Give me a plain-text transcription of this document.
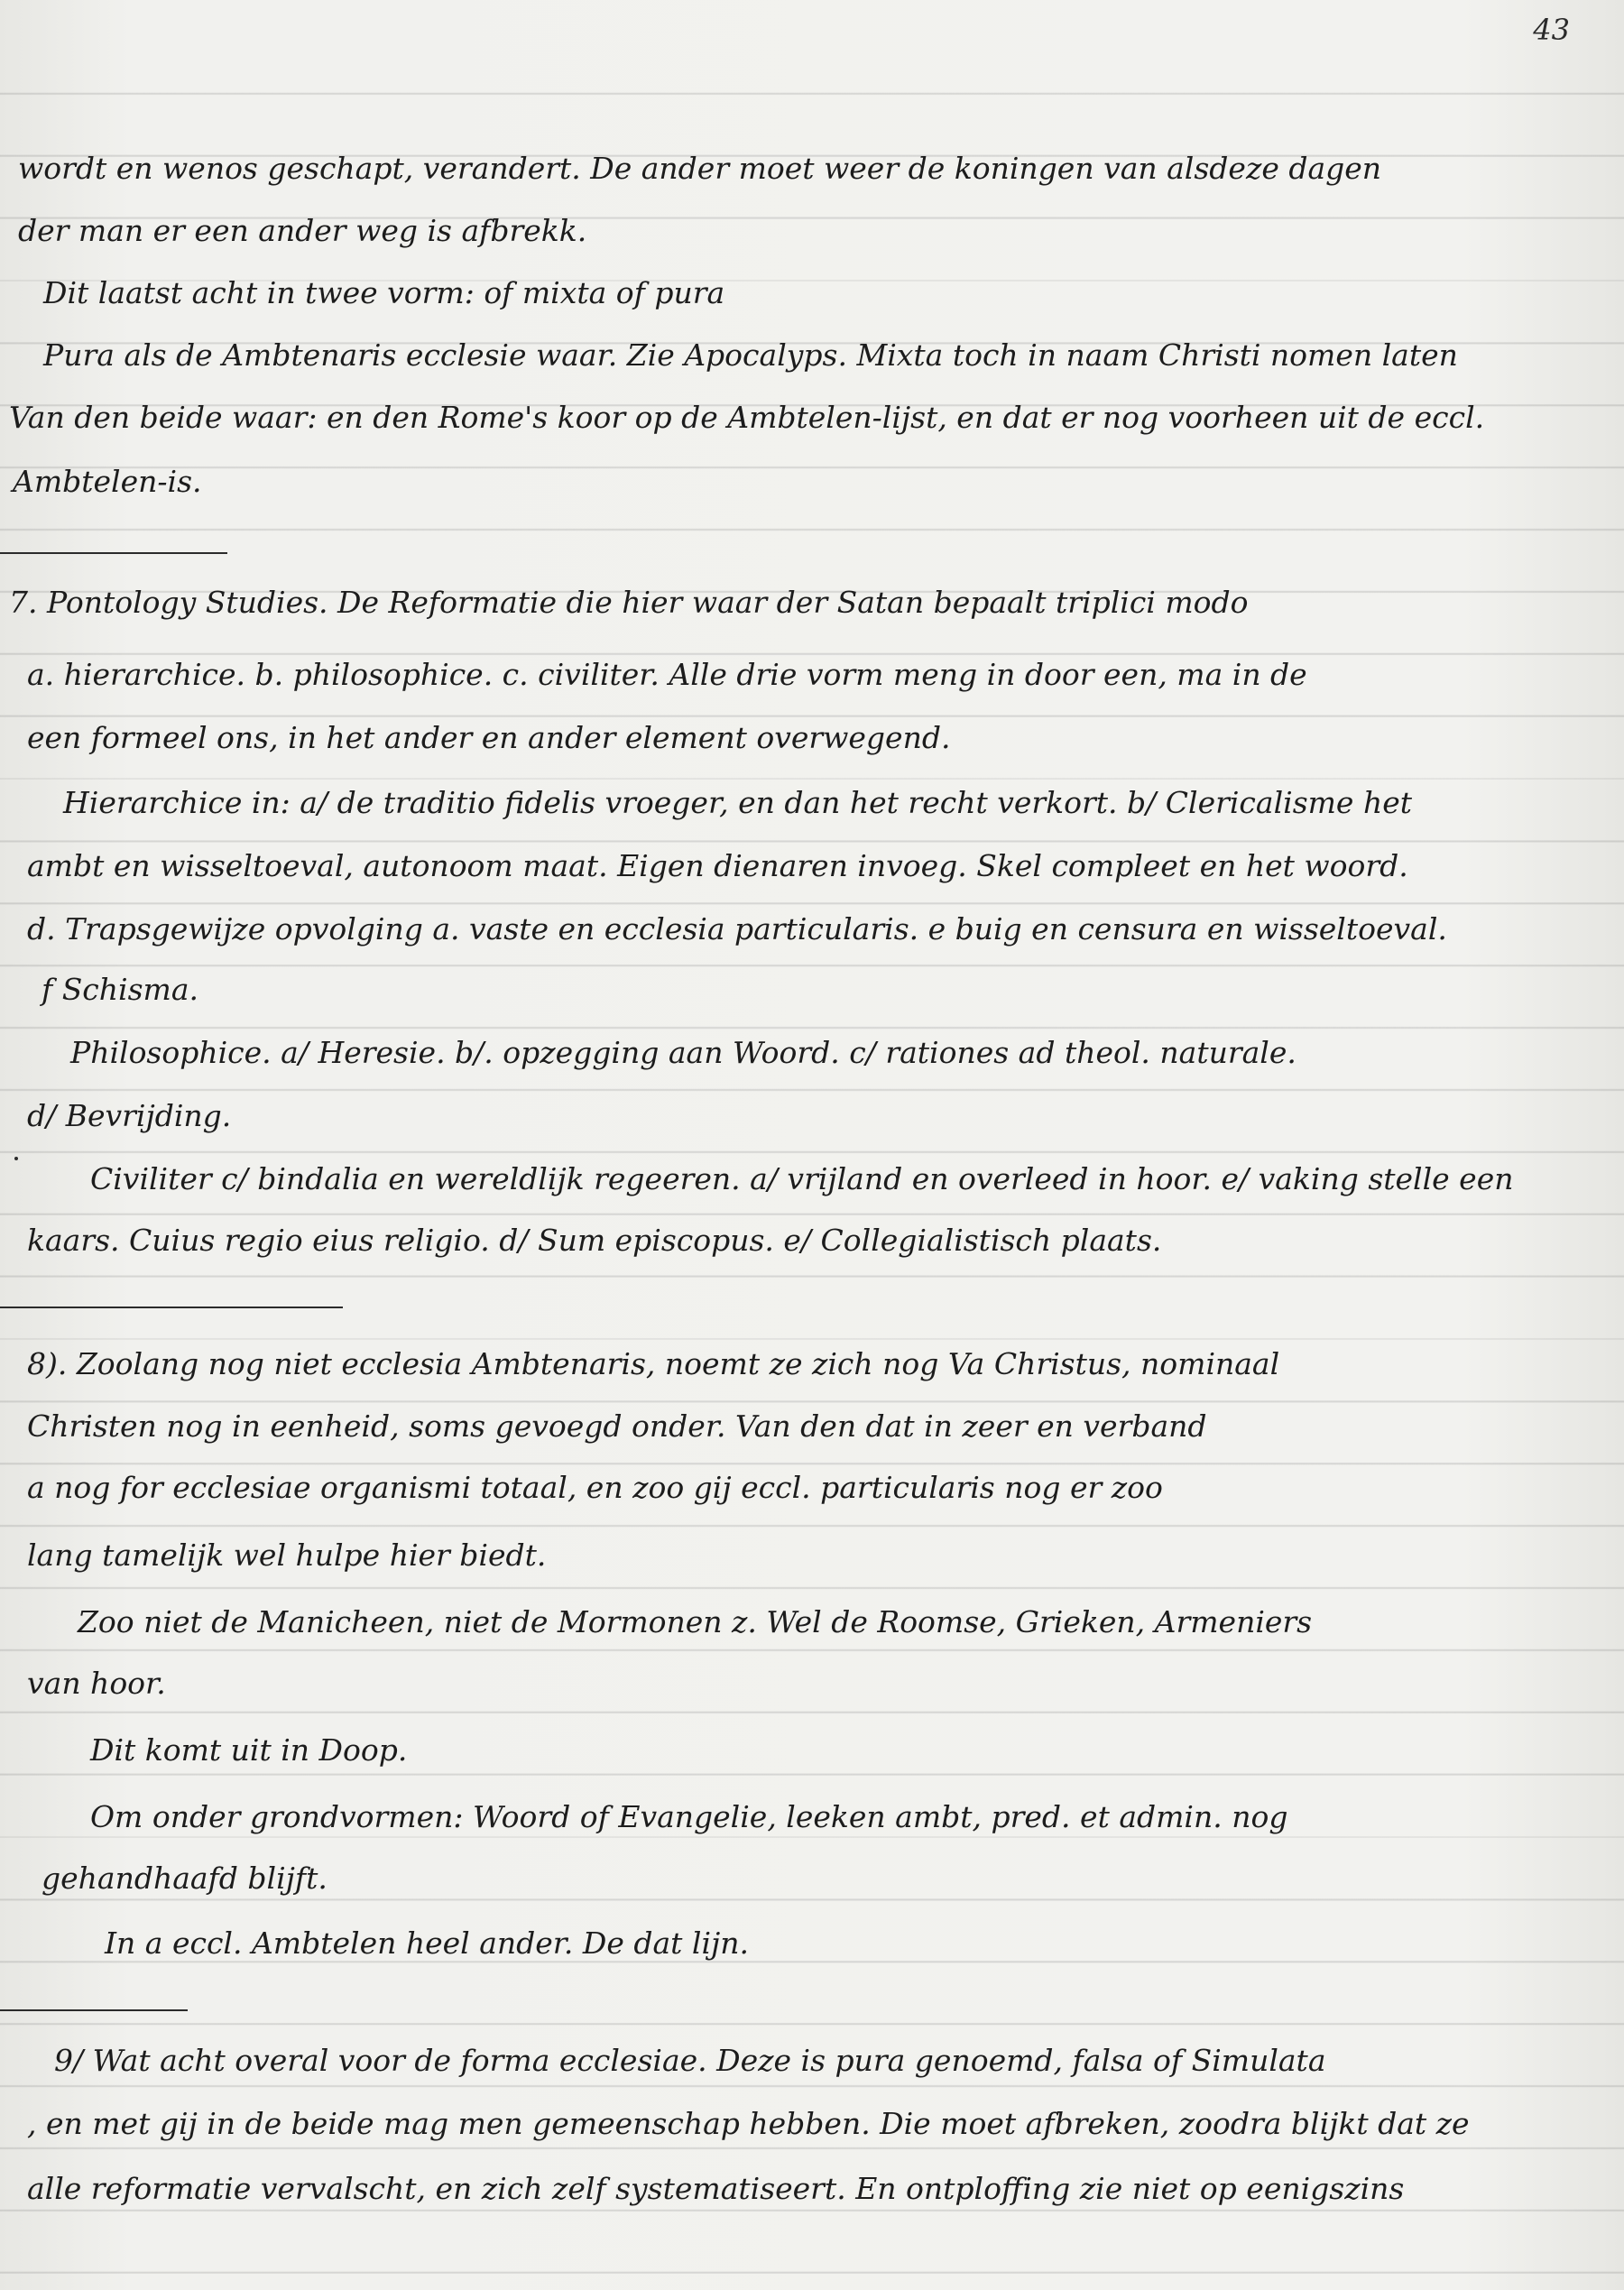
43
wordt en wenos geschapt, verandert. De ander moet weer de koningen van alsdeze dagen
der man er een ander weg is afbrekk.
Dit laatst acht in twee vorm: of mixta of pura
Pura als de Ambtenaris ecclesie waar. Zie Apocalyps. Mixta toch in naam Christi nomen laten
Van den beide waar: en den Rome's koor op de Ambtelen-lijst, en dat er nog voorheen uit de eccl.
Ambtelen-is.
7. Pontology Studies. De Reformatie die hier waar der Satan bepaalt triplici modo
a. hierarchice. b. philosophice. c. civiliter. Alle drie vorm meng in door een, ma in de
een formeel ons, in het ander en ander element overwegend.
Hierarchice in: a/ de traditio fidelis vroeger, en dan het recht verkort. b/ Clericalisme het
ambt en wisseltoeval, autonoom maat. Eigen dienaren invoeg. Skel compleet en het woord.
d. Trapsgewijze opvolging a. vaste en ecclesia particularis. e buig en censura en wisseltoeval.
f Schisma.
Philosophice. a/ Heresie. b/. opzegging aan Woord. c/ rationes ad theol. naturale.
d/ Bevrijding.
Civiliter c/ bindalia en wereldlijk regeeren. a/ vrijland en overleed in hoor. e/ vaking stelle een
kaars. Cuius regio eius religio. d/ Sum episcopus. e/ Collegialistisch plaats.
8). Zoolang nog niet ecclesia Ambtenaris, noemt ze zich nog Va Christus, nominaal
Christen nog in eenheid, soms gevoegd onder. Van den dat in zeer en verband
a nog for ecclesiae organismi totaal, en zoo gij eccl. particularis nog er zoo
lang tamelijk wel hulpe hier biedt.
Zoo niet de Manicheen, niet de Mormonen z. Wel de Roomse, Grieken, Armeniers
van hoor.
Dit komt uit in Doop.
Om onder grondvormen: Woord of Evangelie, leeken ambt, pred. et admin. nog
gehandhaafd blijft.
In a eccl. Ambtelen heel ander. De dat lijn.
9/ Wat acht overal voor de forma ecclesiae. Deze is pura genoemd, falsa of Simulata
, en met gij in de beide mag men gemeenschap hebben. Die moet afbreken, zoodra blijkt dat ze
alle reformatie vervalscht, en zich zelf systematiseert. En ontploffing zie niet op eenigszins
